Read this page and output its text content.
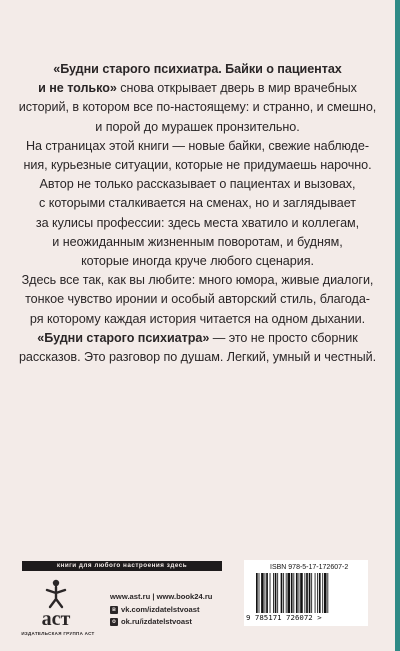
«Будни старого психиатра. Байки о пациентах
и не только» снова открывает дверь в мир врачебных
историй, в котором все по-настоящему: и странно, и смешно,
и порой до мурашек пронзительно.
На страницах этой книги — новые байки, свежие наблюде-
ния, курьезные ситуации, которые не придумаешь нарочно.
Автор не только рассказывает о пациентах и вызовах,
с которыми сталкивается на сменах, но и заглядывает
за кулисы профессии: здесь места хватило и коллегам,
и неожиданным жизненным поворотам, и будням,
которые иногда круче любого сценария.
Здесь все так, как вы любите: много юмора, живые диалоги,
тонкое чувство иронии и особый авторский стиль, благода-
ря которому каждая история читается на одном дыхании.
«Будни старого психиатра» — это не просто сборник
рассказов. Это разговор по душам. Легкий, умный и честный.
книги для любого настроения здесь
аст
ИЗДАТЕЛЬСКАЯ ГРУППА АСТ
www.ast.ru | www.book24.ru
в vk.com/izdatelstvoast
о ok.ru/izdatelstvoast
ISBN 978-5-17-172607-2
9 785171 726072 >
